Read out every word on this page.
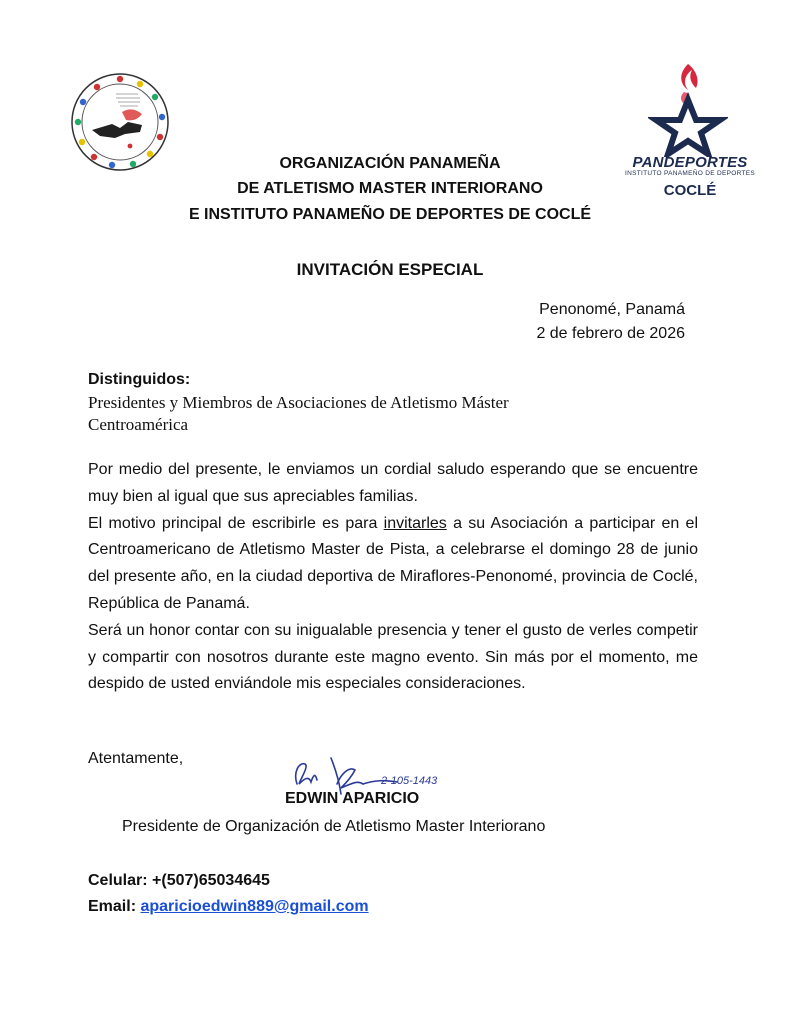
PANDEPORTES
INSTITUTO PANAMEÑO DE DEPORTES
COCLÉ
ORGANIZACIÓN PANAMEÑA
DE ATLETISMO MASTER INTERIORANO
E INSTITUTO PANAMEÑO DE DEPORTES DE COCLÉ
INVITACIÓN ESPECIAL
Penonomé, Panamá
2 de febrero de 2026
Distinguidos:
Presidentes y Miembros de Asociaciones de Atletismo Máster
Centroamérica

Por medio del presente, le enviamos un cordial saludo esperando que se encuentre muy bien al igual que sus apreciables familias.

El motivo principal de escribirle es para invitarles a su Asociación a participar en el Centroamericano de Atletismo Master de Pista, a celebrarse el domingo 28 de junio del presente año, en la ciudad deportiva de Miraflores-Penonomé, provincia de Coclé, República de Panamá.

Será un honor contar con su inigualable presencia y tener el gusto de verles competir y compartir con nosotros durante este magno evento. Sin más por el momento, me despido de usted enviándole mis especiales consideraciones.

Atentamente,
2-105-1443
EDWIN APARICIO
Presidente de Organización de Atletismo Master Interiorano
Celular: +(507)65034645
Email: aparicioedwin889@gmail.com
